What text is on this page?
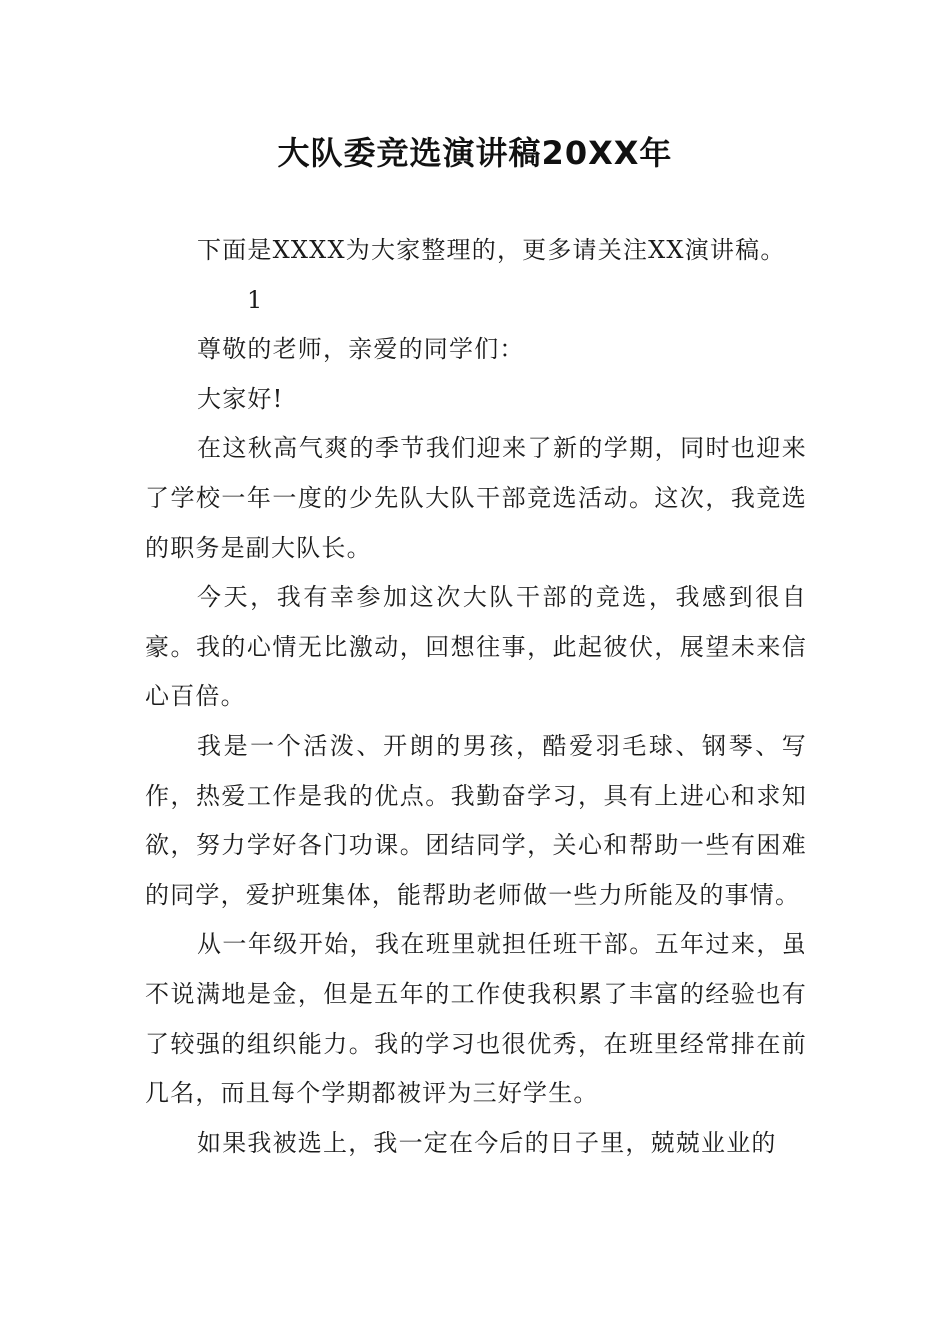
大队委竞选演讲稿20XX年

下面是XXXX为大家整理的，更多请关注XX演讲稿。

1

尊敬的老师，亲爱的同学们：

大家好!

在这秋高气爽的季节我们迎来了新的学期，同时也迎来了学校一年一度的少先队大队干部竞选活动。这次，我竞选的职务是副大队长。

今天，我有幸参加这次大队干部的竞选，我感到很自豪。我的心情无比激动，回想往事，此起彼伏，展望未来信心百倍。

我是一个活泼、开朗的男孩，酷爱羽毛球、钢琴、写作，热爱工作是我的优点。我勤奋学习，具有上进心和求知欲，努力学好各门功课。团结同学，关心和帮助一些有困难的同学，爱护班集体，能帮助老师做一些力所能及的事情。

从一年级开始，我在班里就担任班干部。五年过来，虽不说满地是金，但是五年的工作使我积累了丰富的经验也有了较强的组织能力。我的学习也很优秀，在班里经常排在前几名，而且每个学期都被评为三好学生。

如果我被选上，我一定在今后的日子里，兢兢业业的
